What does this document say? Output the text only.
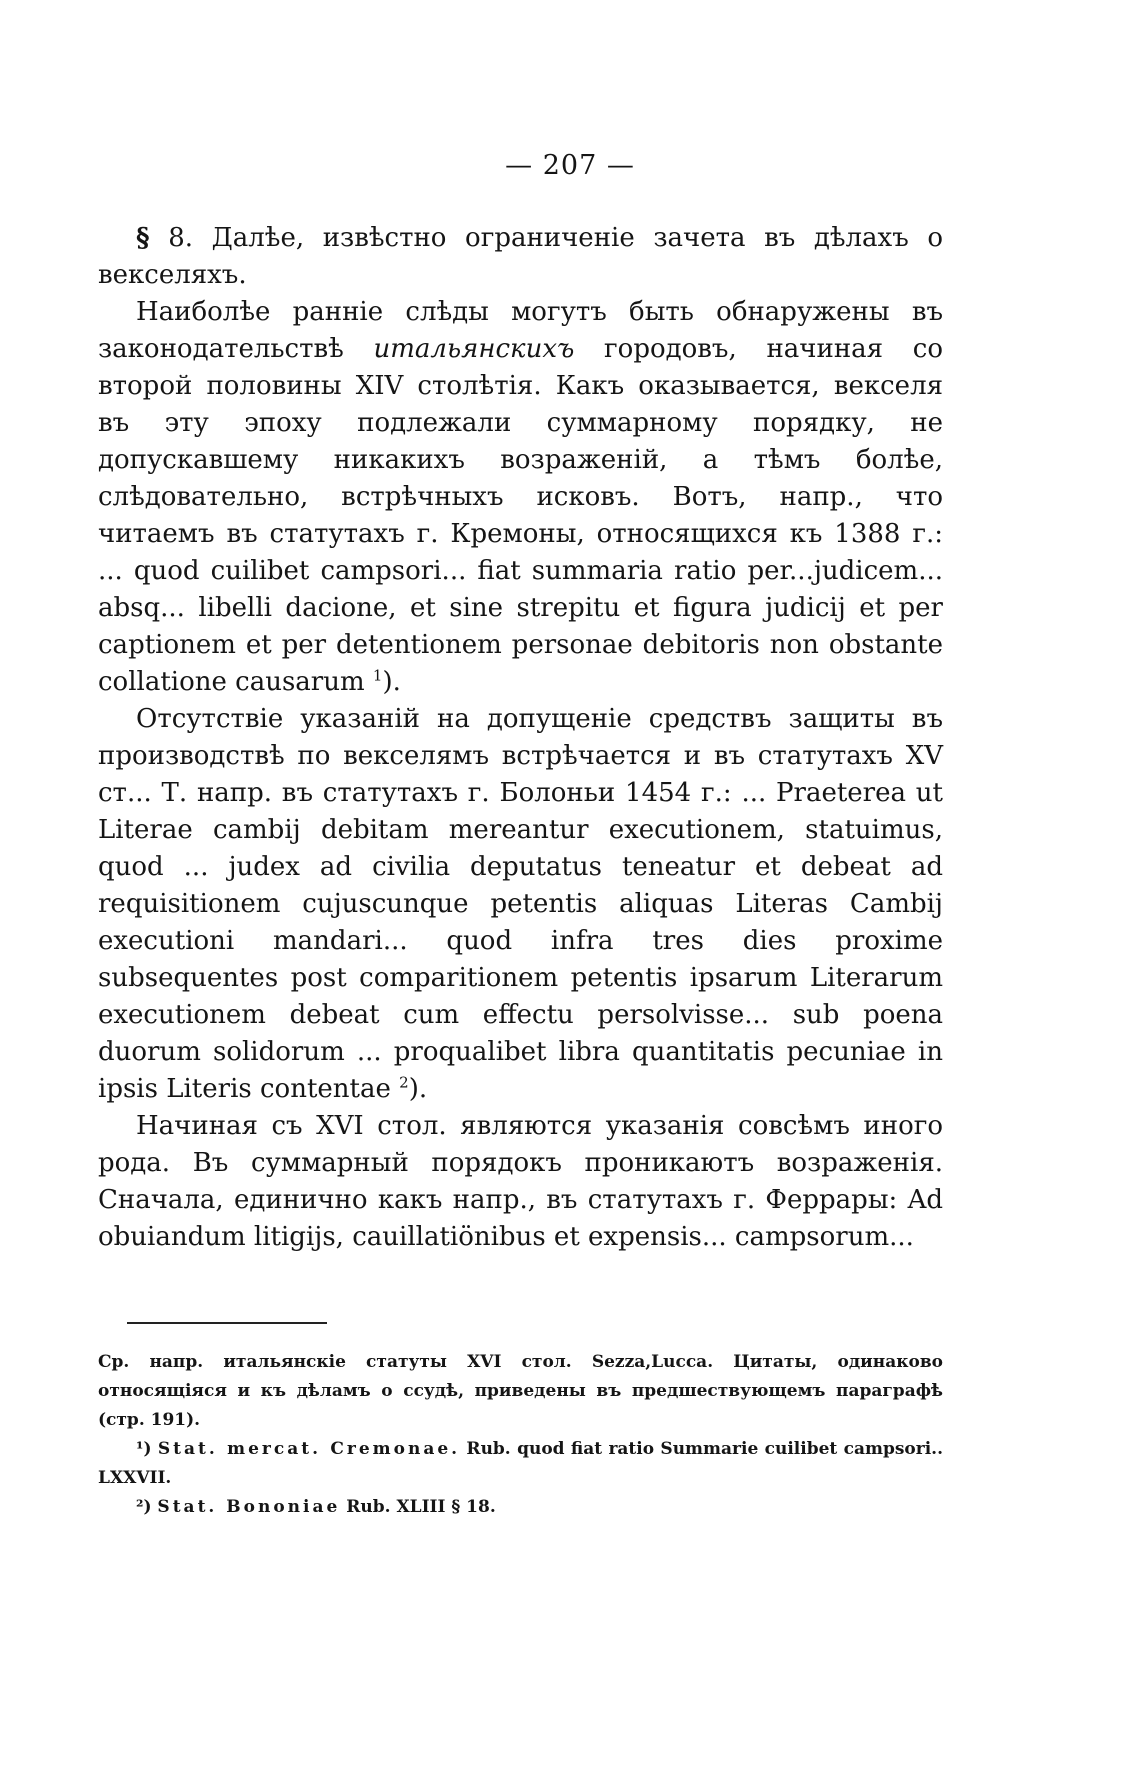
— 207 —

§ 8. Далѣе, извѣстно ограниченіе зачета въ дѣлахъ о векселяхъ.

Наиболѣе ранніе слѣды могутъ быть обнаружены въ законодательствѣ итальянскихъ городовъ, начиная со второй половины XIV столѣтія. Какъ оказывается, векселя въ эту эпоху подлежали суммарному порядку, не допускавшему никакихъ возраженій, а тѣмъ болѣе, слѣдовательно, встрѣчныхъ исковъ. Вотъ, напр., что читаемъ въ статутахъ г. Кремоны, относящихся къ 1388 г.: ... quod cuilibet campsori... fiat summaria ratio per...judicem... absq... libelli dacione, et sine strepitu et figura judicij et per captionem et per detentionem personae debitoris non obstante collatione causarum $^1$).

Отсутствіе указаній на допущеніе средствъ защиты въ производствѣ по векселямъ встрѣчается и въ статутахъ XV ст... Т. напр. въ статутахъ г. Болоньи 1454 г.: ... Praeterea ut Literae cambij debitam mereantur executionem, statuimus, quod ... judex ad civilia deputatus teneatur et debeat ad requisitionem cujuscunque petentis aliquas Literas Cambij executioni mandari... quod infra tres dies proxime subsequentes post comparitionem petentis ipsarum Literarum executionem debeat cum effectu persolvisse... sub poena duorum solidorum ... proqualibet libra quantitatis pecuniae in ipsis Literis contentae $^2$).

Начиная съ XVI стол. являются указанія совсѣмъ иного рода. Въ суммарный порядокъ проникаютъ возраженія. Сначала, единично какъ напр., въ статутахъ г. Феррары: Ad obuiandum litigijs, cauillatiönibus et expensis... campsorum...

Ср. напр. итальянскіе статуты XVI стол. Sezza,Lucca. Цитаты, одинаково относящіяся и къ дѣламъ о ссудѣ, приведены въ предшествующемъ параграфѣ (стр. 191).

¹) Stat. mercat. Cremonae. Rub. quod fiat ratio Summarie cuilibet campsori.. LXXVII.

²) Stat. Bononiae Rub. XLIII § 18.
